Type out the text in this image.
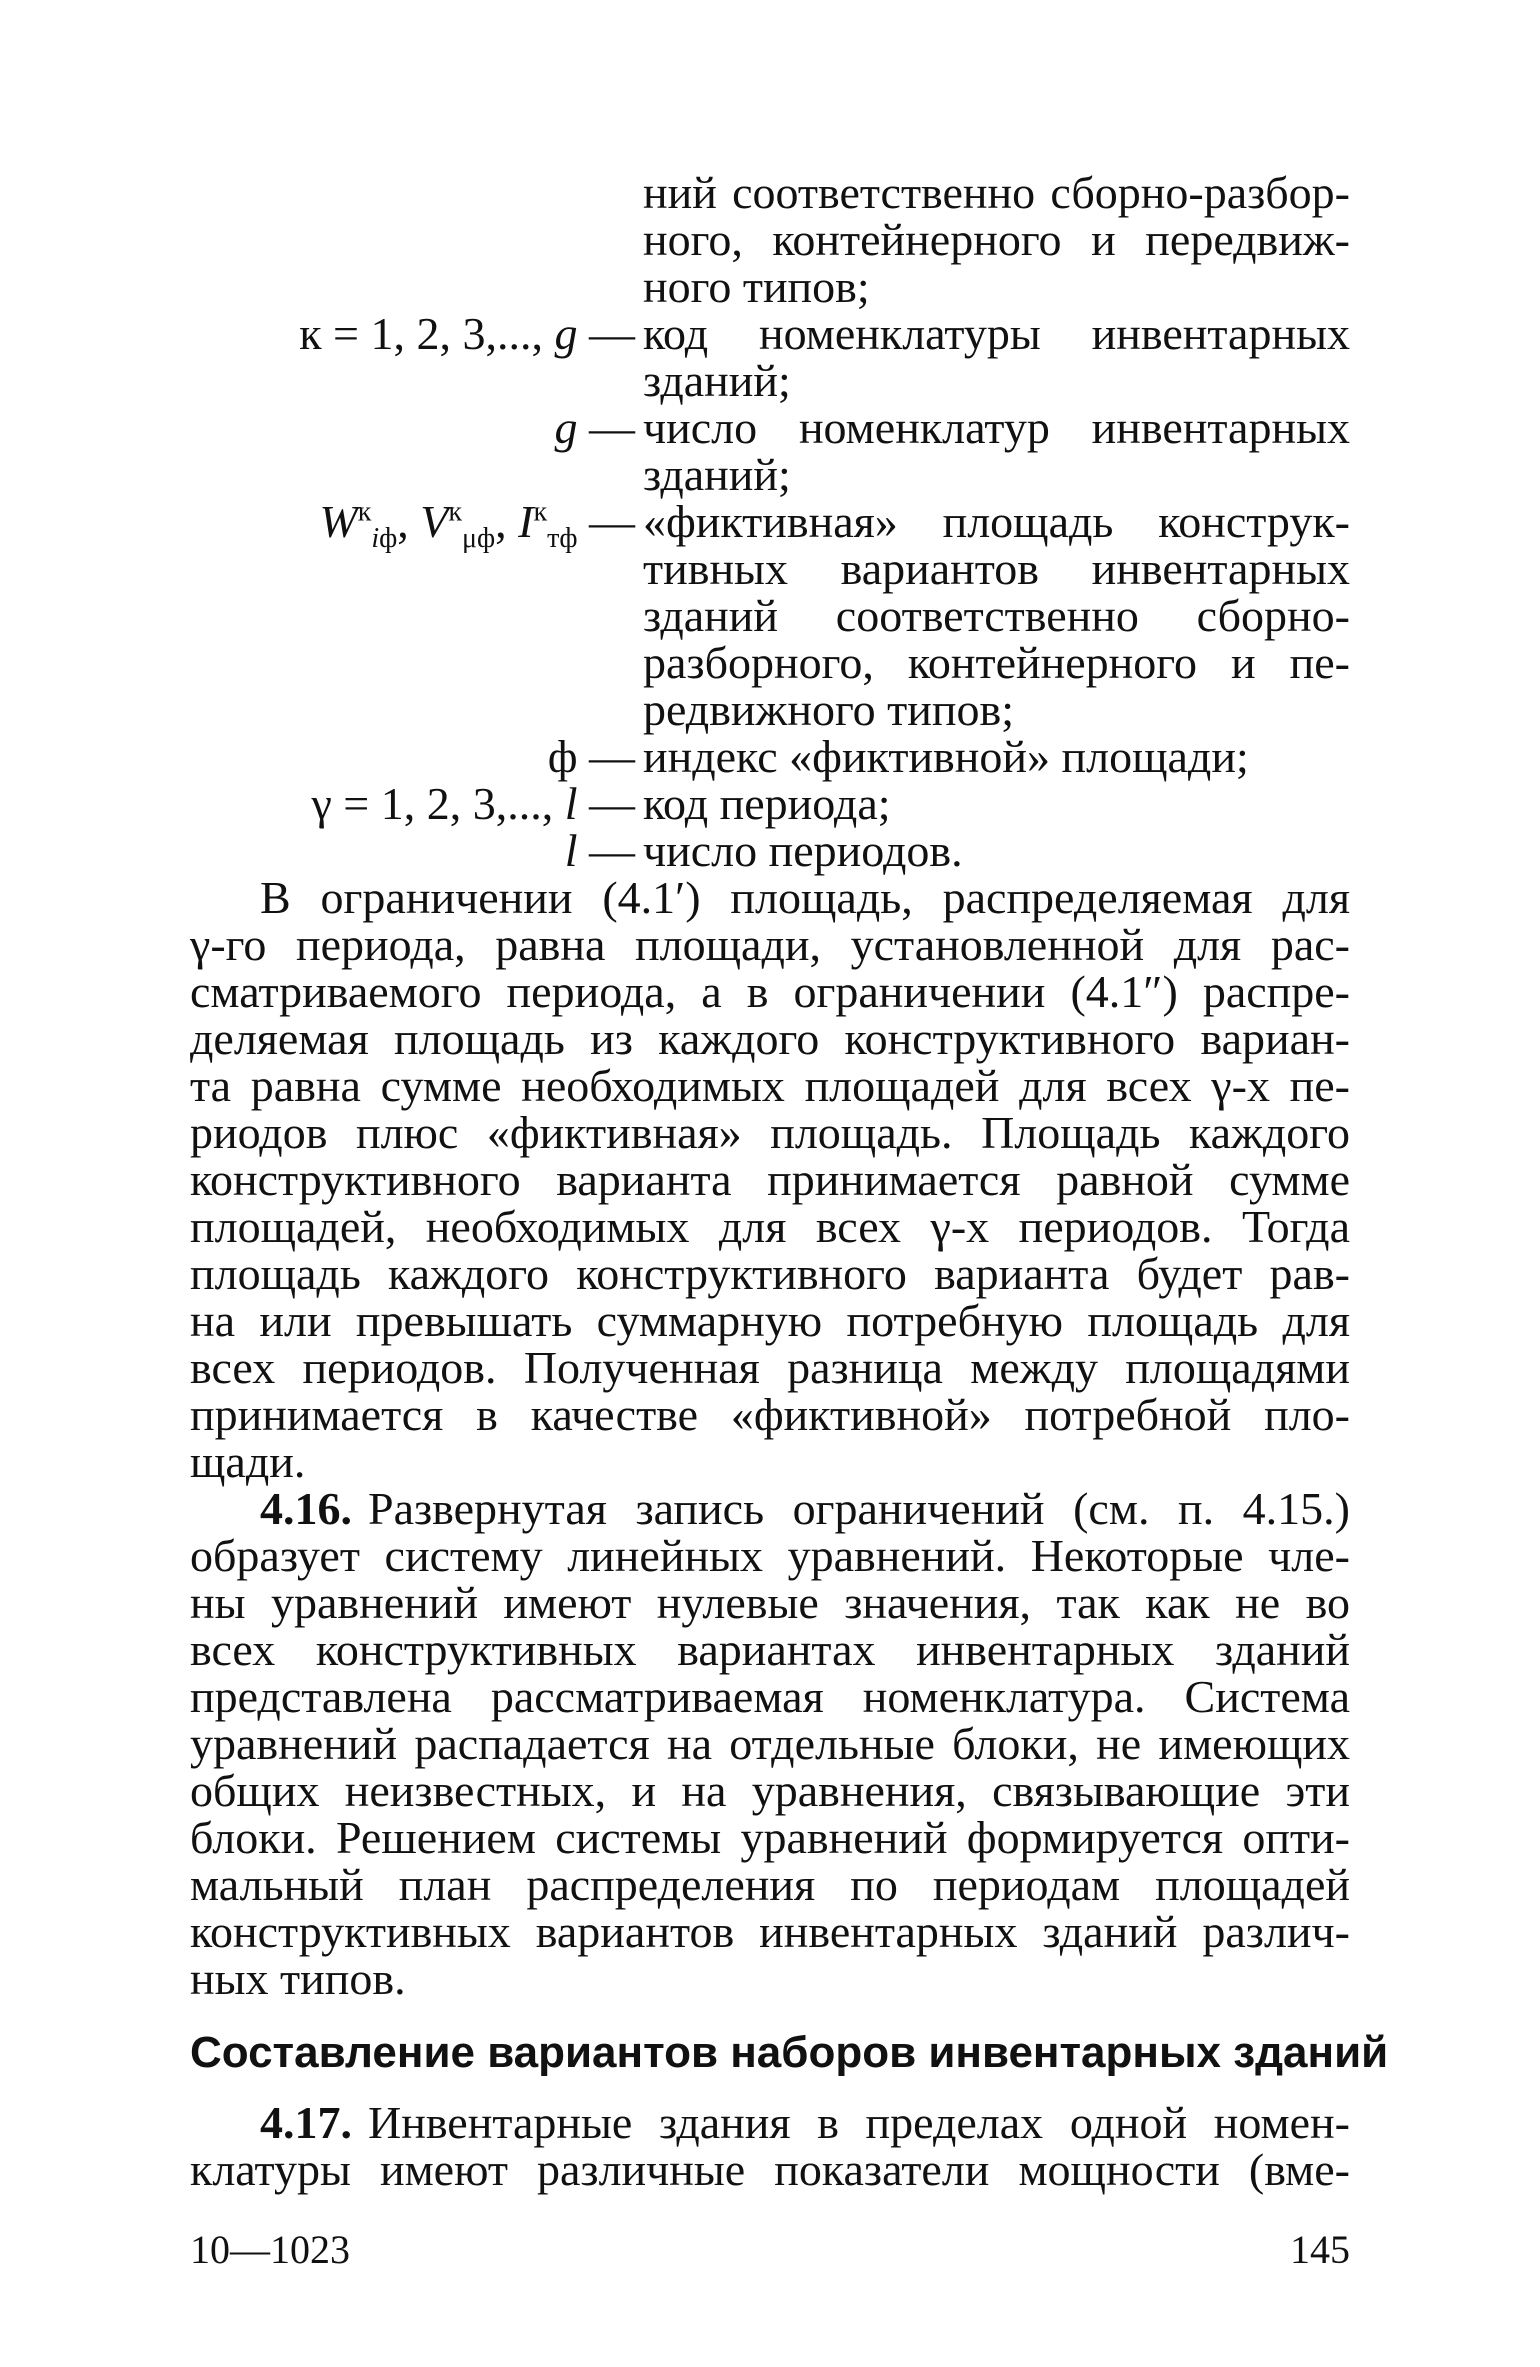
ний соответственно сборно-разбор-
ного, контейнерного и передвиж-
ного типов;
к = 1, 2, 3,..., g — код номенклатуры инвентарных
зданий;
g — число номенклатур инвентарных
зданий;
$W^к_{iф}$, $V^к_{\mu ф}$, $I^к_{тф}$ — «фиктивная» площадь конструк-
тивных вариантов инвентарных
зданий соответственно сборно-
разборного, контейнерного и пе-
редвижного типов;
ф — индекс «фиктивной» площади;
γ = 1, 2, 3,..., l — код периода;
l — число периодов.
В ограничении (4.1′) площадь, распределяемая для
γ-го периода, равна площади, установленной для рас-
сматриваемого периода, а в ограничении (4.1″) распре-
деляемая площадь из каждого конструктивного вариан-
та равна сумме необходимых площадей для всех γ-х пе-
риодов плюс «фиктивная» площадь. Площадь каждого
конструктивного варианта принимается равной сумме
площадей, необходимых для всех γ-х периодов. Тогда
площадь каждого конструктивного варианта будет рав-
на или превышать суммарную потребную площадь для
всех периодов. Полученная разница между площадями
принимается в качестве «фиктивной» потребной пло-
щади.
4.16. Развернутая запись ограничений (см. п. 4.15.)
образует систему линейных уравнений. Некоторые чле-
ны уравнений имеют нулевые значения, так как не во
всех конструктивных вариантах инвентарных зданий
представлена рассматриваемая номенклатура. Система
уравнений распадается на отдельные блоки, не имеющих
общих неизвестных, и на уравнения, связывающие эти
блоки. Решением системы уравнений формируется опти-
мальный план распределения по периодам площадей
конструктивных вариантов инвентарных зданий различ-
ных типов.
Составление вариантов наборов инвентарных зданий
4.17. Инвентарные здания в пределах одной номен-
клатуры имеют различные показатели мощности (вме-
10—1023	145
